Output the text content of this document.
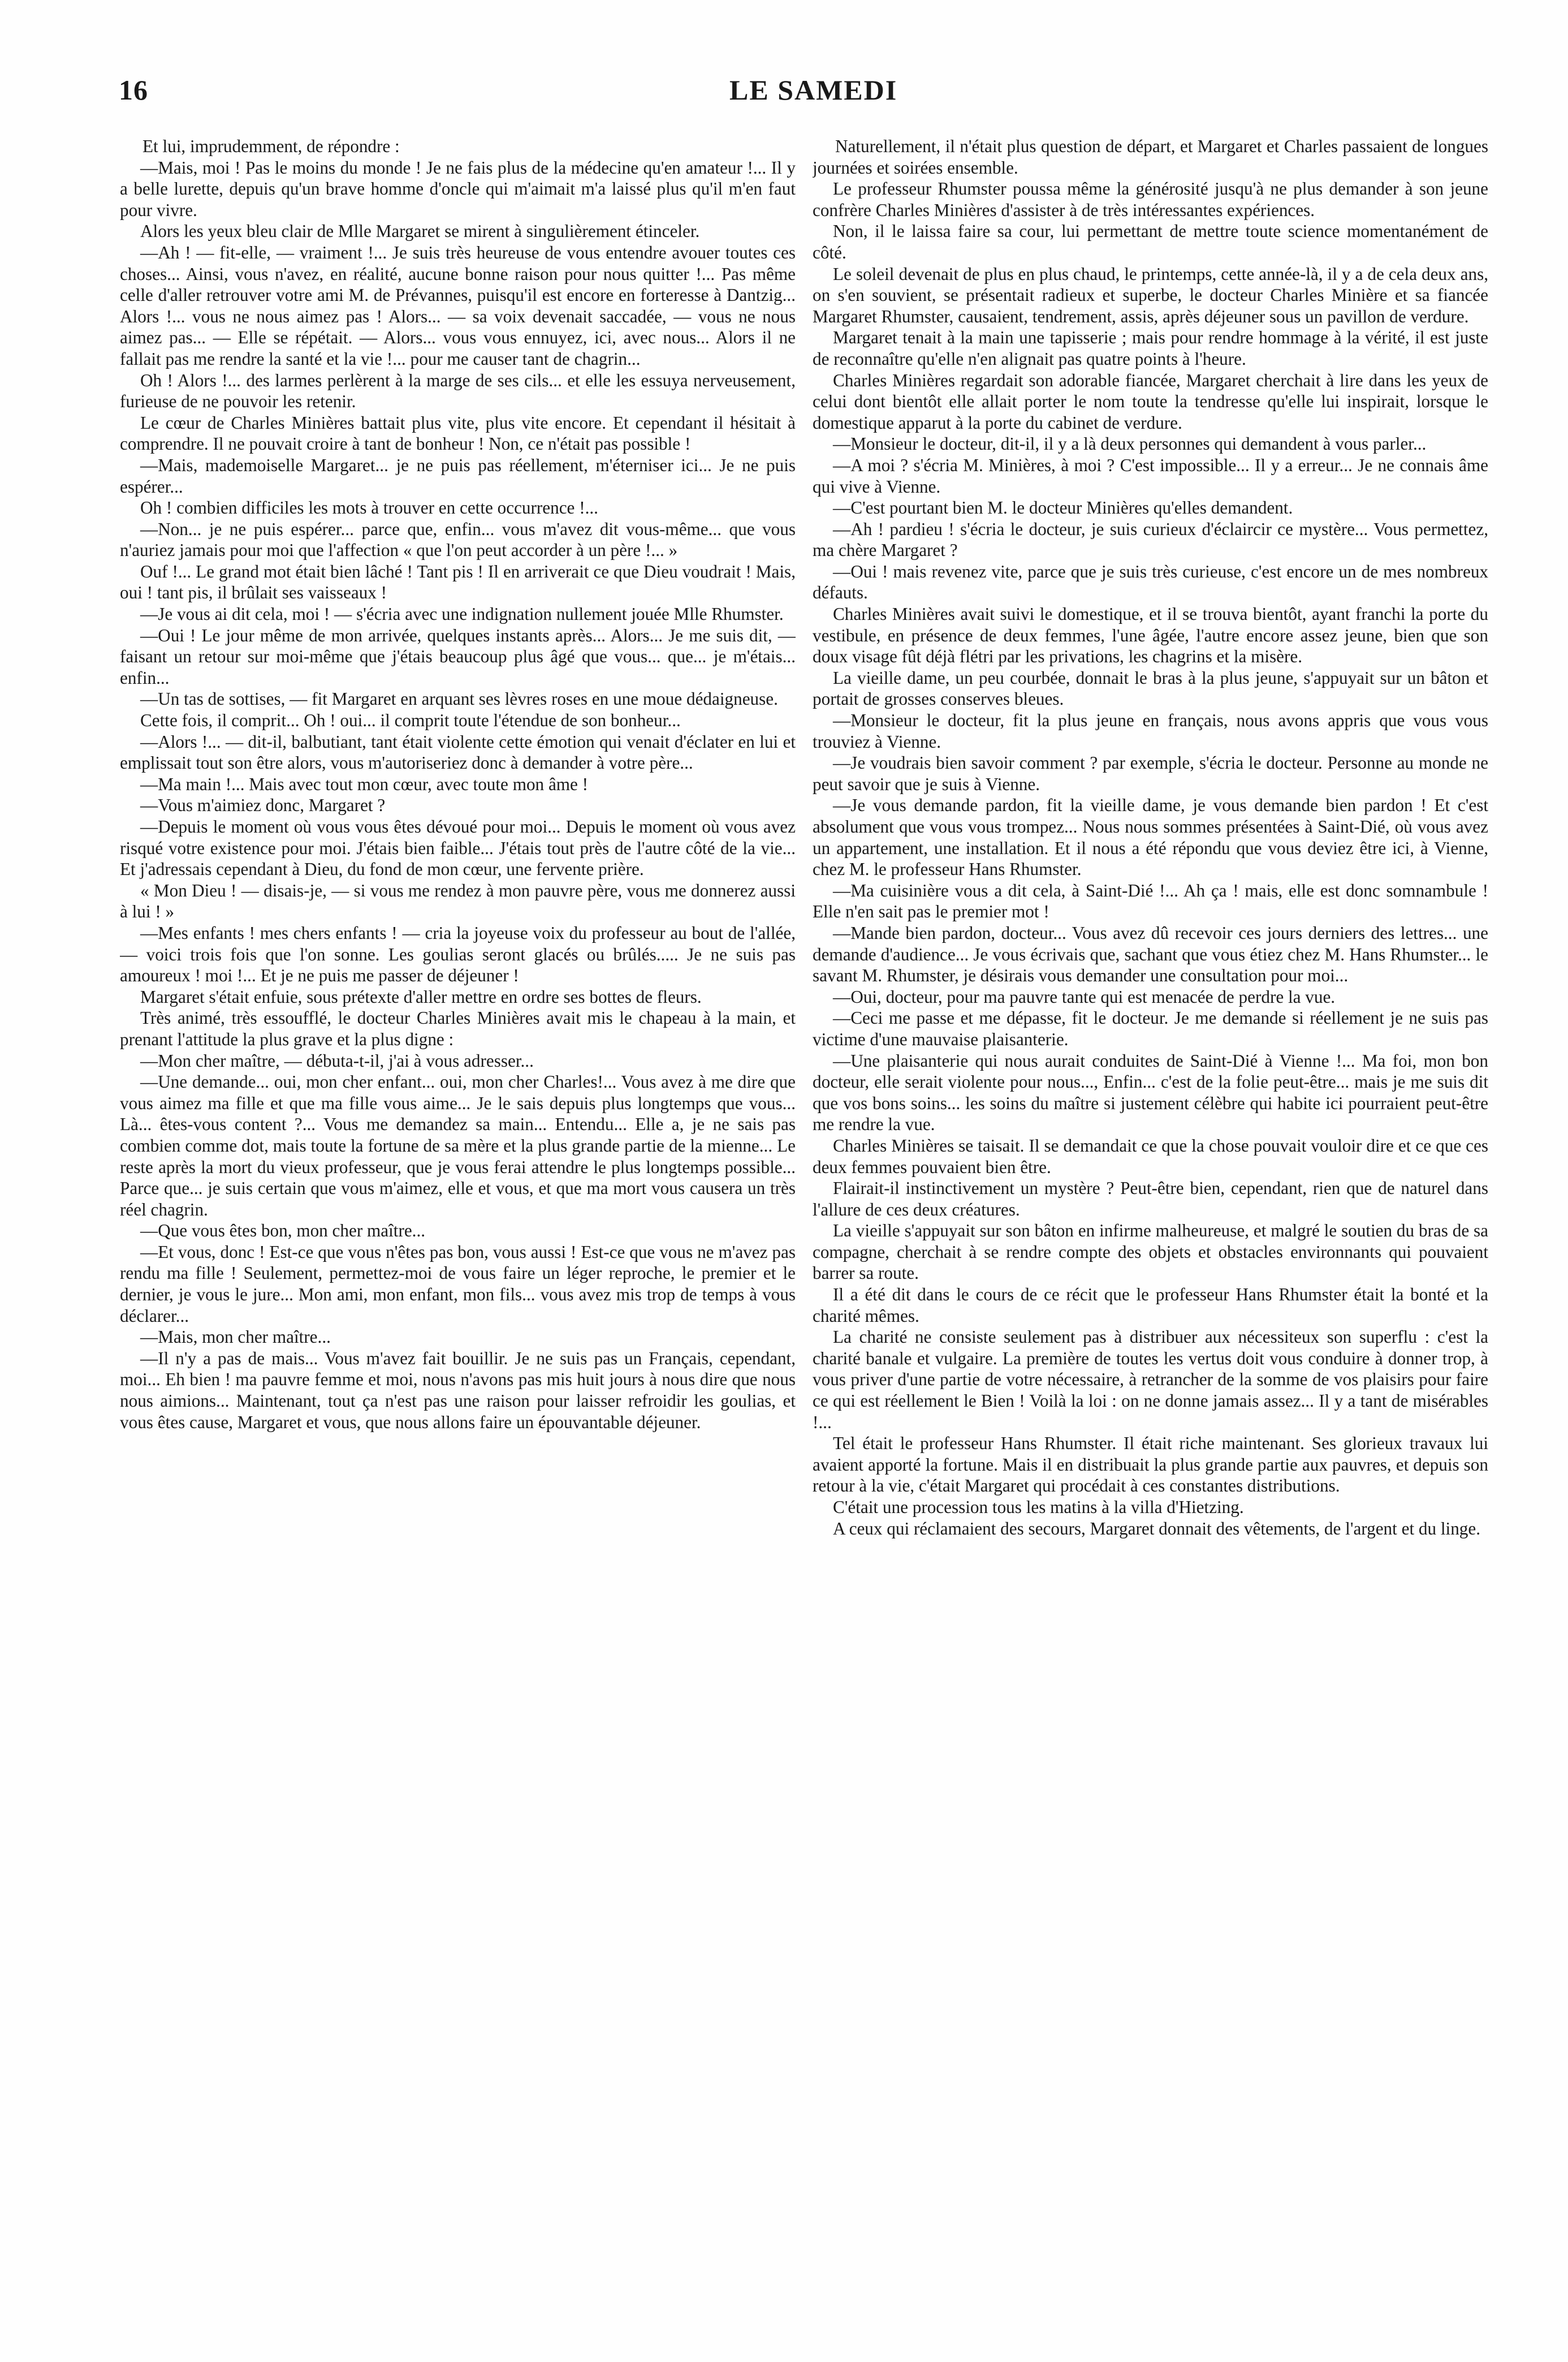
16	LE SAMEDI

Et lui, imprudemment, de répondre :

—Mais, moi ! Pas le moins du monde ! Je ne fais plus de la médecine qu'en amateur !... Il y a belle lurette, depuis qu'un brave homme d'oncle qui m'aimait m'a laissé plus qu'il m'en faut pour vivre.

Alors les yeux bleu clair de Mlle Margaret se mirent à singulièrement étinceler.

—Ah ! — fit-elle, — vraiment !... Je suis très heureuse de vous entendre avouer toutes ces choses... Ainsi, vous n'avez, en réalité, aucune bonne raison pour nous quitter !... Pas même celle d'aller retrouver votre ami M. de Prévannes, puisqu'il est encore en forteresse à Dantzig... Alors !... vous ne nous aimez pas ! Alors... — sa voix devenait saccadée, — vous ne nous aimez pas... — Elle se répétait. — Alors... vous vous ennuyez, ici, avec nous... Alors il ne fallait pas me rendre la santé et la vie !... pour me causer tant de chagrin...

Oh ! Alors !... des larmes perlèrent à la marge de ses cils... et elle les essuya nerveusement, furieuse de ne pouvoir les retenir.

Le cœur de Charles Minières battait plus vite, plus vite encore. Et cependant il hésitait à comprendre. Il ne pouvait croire à tant de bonheur ! Non, ce n'était pas possible !

—Mais, mademoiselle Margaret... je ne puis pas réellement, m'éterniser ici... Je ne puis espérer...

Oh ! combien difficiles les mots à trouver en cette occurrence !...

—Non... je ne puis espérer... parce que, enfin... vous m'avez dit vous-même... que vous n'auriez jamais pour moi que l'affection « que l'on peut accorder à un père !... »

Ouf !... Le grand mot était bien lâché ! Tant pis ! Il en arriverait ce que Dieu voudrait ! Mais, oui ! tant pis, il brûlait ses vaisseaux !

—Je vous ai dit cela, moi ! — s'écria avec une indignation nullement jouée Mlle Rhumster.

—Oui ! Le jour même de mon arrivée, quelques instants après... Alors... Je me suis dit, — faisant un retour sur moi-même que j'étais beaucoup plus âgé que vous... que... je m'étais... enfin...

—Un tas de sottises, — fit Margaret en arquant ses lèvres roses en une moue dédaigneuse.

Cette fois, il comprit... Oh ! oui... il comprit toute l'étendue de son bonheur...

—Alors !... — dit-il, balbutiant, tant était violente cette émotion qui venait d'éclater en lui et emplissait tout son être alors, vous m'autoriseriez donc à demander à votre père...

—Ma main !... Mais avec tout mon cœur, avec toute mon âme !

—Vous m'aimiez donc, Margaret ?

—Depuis le moment où vous vous êtes dévoué pour moi... Depuis le moment où vous avez risqué votre existence pour moi. J'étais bien faible... J'étais tout près de l'autre côté de la vie... Et j'adressais cependant à Dieu, du fond de mon cœur, une fervente prière.

« Mon Dieu ! — disais-je, — si vous me rendez à mon pauvre père, vous me donnerez aussi à lui ! »

—Mes enfants ! mes chers enfants ! — cria la joyeuse voix du professeur au bout de l'allée, — voici trois fois que l'on sonne. Les goulias seront glacés ou brûlés..... Je ne suis pas amoureux ! moi !... Et je ne puis me passer de déjeuner !

Margaret s'était enfuie, sous prétexte d'aller mettre en ordre ses bottes de fleurs.

Très animé, très essoufflé, le docteur Charles Minières avait mis le chapeau à la main, et prenant l'attitude la plus grave et la plus digne :

—Mon cher maître, — débuta-t-il, j'ai à vous adresser...

—Une demande... oui, mon cher enfant... oui, mon cher Charles!... Vous avez à me dire que vous aimez ma fille et que ma fille vous aime... Je le sais depuis plus longtemps que vous... Là... êtes-vous content ?... Vous me demandez sa main... Entendu... Elle a, je ne sais pas combien comme dot, mais toute la fortune de sa mère et la plus grande partie de la mienne... Le reste après la mort du vieux professeur, que je vous ferai attendre le plus longtemps possible... Parce que... je suis certain que vous m'aimez, elle et vous, et que ma mort vous causera un très réel chagrin.

—Que vous êtes bon, mon cher maître...

—Et vous, donc ! Est-ce que vous n'êtes pas bon, vous aussi ! Est-ce que vous ne m'avez pas rendu ma fille ! Seulement, permettez-moi de vous faire un léger reproche, le premier et le dernier, je vous le jure... Mon ami, mon enfant, mon fils... vous avez mis trop de temps à vous déclarer...

—Mais, mon cher maître...

—Il n'y a pas de mais... Vous m'avez fait bouillir. Je ne suis pas un Français, cependant, moi... Eh bien ! ma pauvre femme et moi, nous n'avons pas mis huit jours à nous dire que nous nous aimions... Maintenant, tout ça n'est pas une raison pour laisser refroidir les goulias, et vous êtes cause, Margaret et vous, que nous allons faire un épouvantable déjeuner.

Naturellement, il n'était plus question de départ, et Margaret et Charles passaient de longues journées et soirées ensemble.

Le professeur Rhumster poussa même la générosité jusqu'à ne plus demander à son jeune confrère Charles Minières d'assister à de très intéressantes expériences.

Non, il le laissa faire sa cour, lui permettant de mettre toute science momentanément de côté.

Le soleil devenait de plus en plus chaud, le printemps, cette année-là, il y a de cela deux ans, on s'en souvient, se présentait radieux et superbe, le docteur Charles Minière et sa fiancée Margaret Rhumster, causaient, tendrement, assis, après déjeuner sous un pavillon de verdure.

Margaret tenait à la main une tapisserie ; mais pour rendre hommage à la vérité, il est juste de reconnaître qu'elle n'en alignait pas quatre points à l'heure.

Charles Minières regardait son adorable fiancée, Margaret cherchait à lire dans les yeux de celui dont bientôt elle allait porter le nom toute la tendresse qu'elle lui inspirait, lorsque le domestique apparut à la porte du cabinet de verdure.

—Monsieur le docteur, dit-il, il y a là deux personnes qui demandent à vous parler...

—A moi ? s'écria M. Minières, à moi ? C'est impossible... Il y a erreur... Je ne connais âme qui vive à Vienne.

—C'est pourtant bien M. le docteur Minières qu'elles demandent.

—Ah ! pardieu ! s'écria le docteur, je suis curieux d'éclaircir ce mystère... Vous permettez, ma chère Margaret ?

—Oui ! mais revenez vite, parce que je suis très curieuse, c'est encore un de mes nombreux défauts.

Charles Minières avait suivi le domestique, et il se trouva bientôt, ayant franchi la porte du vestibule, en présence de deux femmes, l'une âgée, l'autre encore assez jeune, bien que son doux visage fût déjà flétri par les privations, les chagrins et la misère.

La vieille dame, un peu courbée, donnait le bras à la plus jeune, s'appuyait sur un bâton et portait de grosses conserves bleues.

—Monsieur le docteur, fit la plus jeune en français, nous avons appris que vous vous trouviez à Vienne.

—Je voudrais bien savoir comment ? par exemple, s'écria le docteur. Personne au monde ne peut savoir que je suis à Vienne.

—Je vous demande pardon, fit la vieille dame, je vous demande bien pardon ! Et c'est absolument que vous vous trompez... Nous nous sommes présentées à Saint-Dié, où vous avez un appartement, une installation. Et il nous a été répondu que vous deviez être ici, à Vienne, chez M. le professeur Hans Rhumster.

—Ma cuisinière vous a dit cela, à Saint-Dié !... Ah ça ! mais, elle est donc somnambule ! Elle n'en sait pas le premier mot !

—Mande bien pardon, docteur... Vous avez dû recevoir ces jours derniers des lettres... une demande d'audience... Je vous écrivais que, sachant que vous étiez chez M. Hans Rhumster... le savant M. Rhumster, je désirais vous demander une consultation pour moi...

—Oui, docteur, pour ma pauvre tante qui est menacée de perdre la vue.

—Ceci me passe et me dépasse, fit le docteur. Je me demande si réellement je ne suis pas victime d'une mauvaise plaisanterie.

—Une plaisanterie qui nous aurait conduites de Saint-Dié à Vienne !... Ma foi, mon bon docteur, elle serait violente pour nous..., Enfin... c'est de la folie peut-être... mais je me suis dit que vos bons soins... les soins du maître si justement célèbre qui habite ici pourraient peut-être me rendre la vue.

Charles Minières se taisait. Il se demandait ce que la chose pouvait vouloir dire et ce que ces deux femmes pouvaient bien être.

Flairait-il instinctivement un mystère ? Peut-être bien, cependant, rien que de naturel dans l'allure de ces deux créatures.

La vieille s'appuyait sur son bâton en infirme malheureuse, et malgré le soutien du bras de sa compagne, cherchait à se rendre compte des objets et obstacles environnants qui pouvaient barrer sa route.

Il a été dit dans le cours de ce récit que le professeur Hans Rhumster était la bonté et la charité mêmes.

La charité ne consiste seulement pas à distribuer aux nécessiteux son superflu : c'est la charité banale et vulgaire. La première de toutes les vertus doit vous conduire à donner trop, à vous priver d'une partie de votre nécessaire, à retrancher de la somme de vos plaisirs pour faire ce qui est réellement le Bien ! Voilà la loi : on ne donne jamais assez... Il y a tant de misérables !...

Tel était le professeur Hans Rhumster. Il était riche maintenant. Ses glorieux travaux lui avaient apporté la fortune. Mais il en distribuait la plus grande partie aux pauvres, et depuis son retour à la vie, c'était Margaret qui procédait à ces constantes distributions.

C'était une procession tous les matins à la villa d'Hietzing.

A ceux qui réclamaient des secours, Margaret donnait des vêtements, de l'argent et du linge.
